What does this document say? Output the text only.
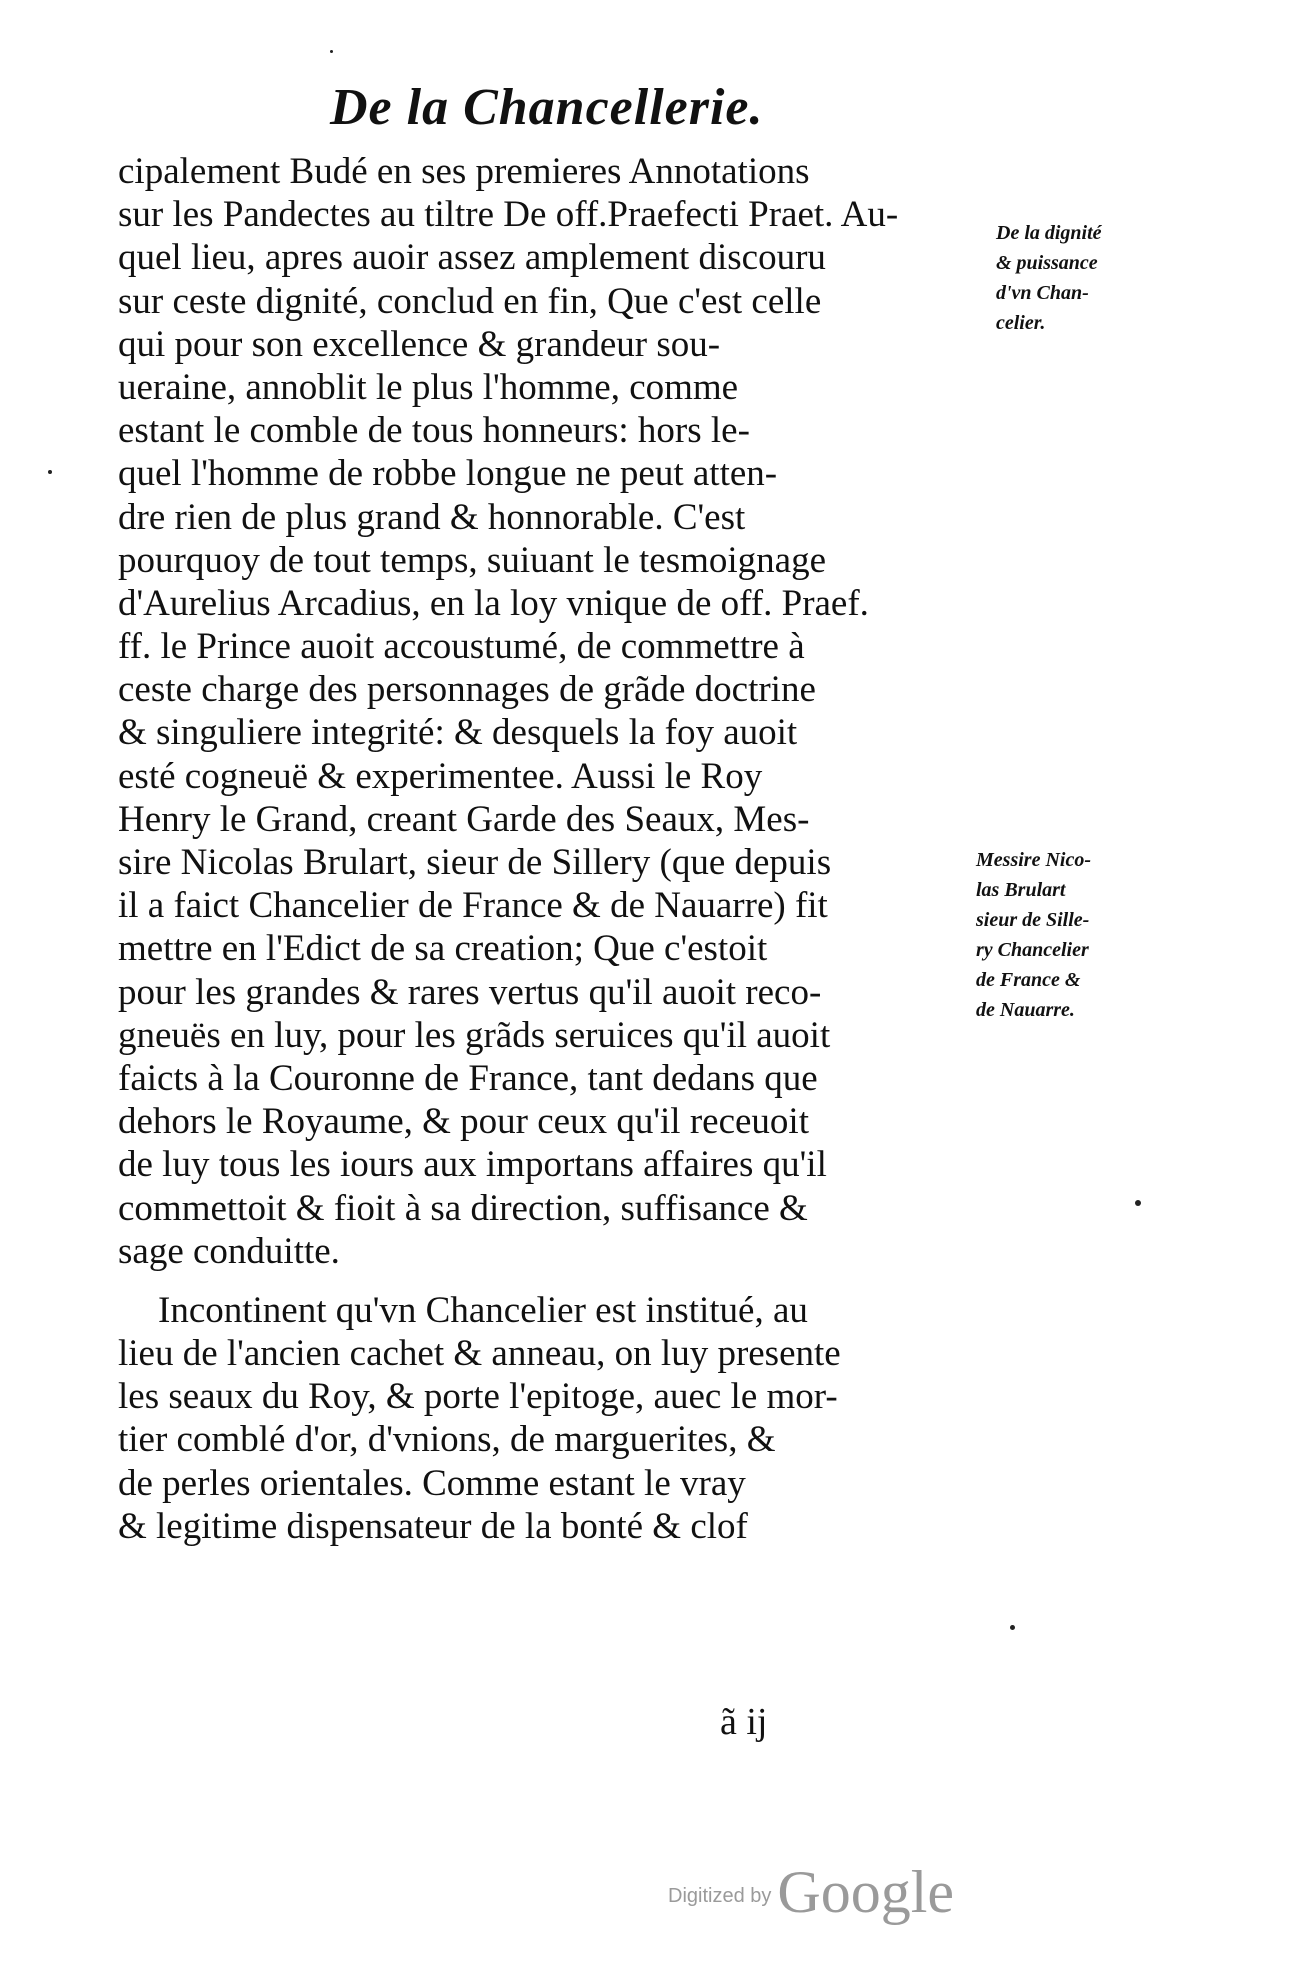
De la Chancellerie.
cipalement Budé en ses premieres Annotations
sur les Pandectes au tiltre De off.Praefecti Praet. Au-
quel lieu, apres auoir assez amplement discouru
sur ceste dignité, conclud en fin, Que c'est celle
qui pour son excellence & grandeur sou-
ueraine, annoblit le plus l'homme, comme
estant le comble de tous honneurs: hors le-
quel l'homme de robbe longue ne peut atten-
dre rien de plus grand & honnorable. C'est
pourquoy de tout temps, suiuant le tesmoignage
d'Aurelius Arcadius, en la loy vnique de off. Praef.
ff. le Prince auoit accoustumé, de commettre à
ceste charge des personnages de grãde doctrine
& singuliere integrité: & desquels la foy auoit
esté cogneuë & experimentee. Aussi le Roy
Henry le Grand, creant Garde des Seaux, Mes-
sire Nicolas Brulart, sieur de Sillery (que depuis
il a faict Chancelier de France & de Nauarre) fit
mettre en l'Edict de sa creation; Que c'estoit
pour les grandes & rares vertus qu'il auoit reco-
gneuës en luy, pour les grãds seruices qu'il auoit
faicts à la Couronne de France, tant dedans que
dehors le Royaume, & pour ceux qu'il receuoit
de luy tous les iours aux importans affaires qu'il
commettoit & fioit à sa direction, suffisance &
sage conduitte.
Incontinent qu'vn Chancelier est institué, au
lieu de l'ancien cachet & anneau, on luy presente
les seaux du Roy, & porte l'epitoge, auec le mor-
tier comblé d'or, d'vnions, de marguerites, &
de perles orientales. Comme estant le vray
& legitime dispensateur de la bonté & clof
De la dignité
& puissance
d'vn Chan-
celier.
Messire Nico-
las Brulart
sieur de Sille-
ry Chancelier
de France &
de Nauarre.
ã ij
Digitized by Google
